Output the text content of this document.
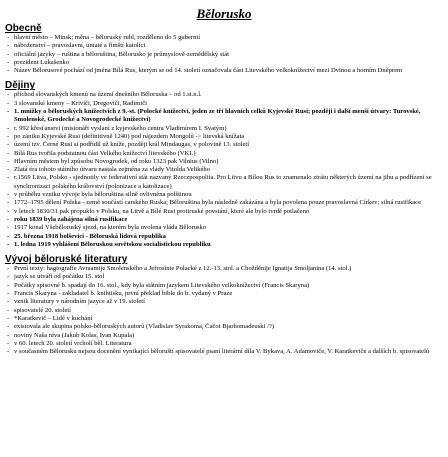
Bělorusko
Obecně
- hlavní město – Minsk; měna – běloruský rubl, rozděleno do 5 gubernií
- náboženství – pravoslavní, uniaté a římští katolíci
- oficiální jazyky – ruština a běloruština, Bělorusko je průmyslově-zemědělský stát
- prezident Lukašenko
- Název Bělorusové pochází od jména Bílá Rus, kterým se od 14. století označovala část Litevského velkoknížectví mezi Dvinou a horním Dněprem
Dějiny
- příchod slovanských kmenů na území dnešního Běloruska – od 1.st.n.l.
- 3 slovanské kmeny – Kriviči, Dregoviči, Radimiči
- 1. mnížky o běloruských knížectvích z 9.-st. (Polocké knížectví, jeden ze tří hlavních celků Kyjevské Rusi; později i další menší útvary: Turovské, Smolenské, Grodecké a Novogrodecké knížectví)
- r. 992 křesťanství (misionáři vyslaní z kyjevského centra Vladimírem I. Svatým)
- po zániku Kyjevské Rusi (definitivně 1240) pod nájezdem Mongolů -> litevská knížata
- území tzv. Černé Rusi si podřídil už kníže, později král Mindaugas, v polovině 13. století
- Bílá Rus tvořila podstatnou část Velkého knížectví litevského (VKL)
- Hlavním městem byl způsobu Novogrodek, od roku 1323 pak Vilnius (Vilno)
- Zlatá éra tohoto státního útvaru nastala zejména za vlády Vitolda Velikého
- r.1569 Litva, Polsko - sjednotily ve federativní stát nazvaný Rzeczpospolita. Pro Litvu a Bílou Rus to znamenalo ztrátu některých území na jihu a podřízení se synchronizaci polského království (polonizace a katolizace)
- v průběhu vzniku vývoje byla běloruština silně ovlivněna polštinou
- 1772–1795 dělení Polska - země součástí carského Ruska; Běloruština byla následně zakázána a byla povolena pouze pravoslavná Církev; silná rusifikace
- v letech 1830/31 pak propuklo v Polsku, na Litvě a Bílé Rusi protiruské povstání, které ale bylo tvrdě potlačeno
- roku 1839 byla zahájena silná rusifikace
- 1917 konal Všeběloruský sjezd, na kterém byla uvolena vláda Bělorusko
- 25. března 1918 bolševici - Běloruská lidová republika
- 1. ledna 1919 vyhlášení Běloruskou sovětskou socialistickou republiku
Vývoj běloruské literatury
- První texty: hagiografie Avraamije Smolenského a Jefrosinie Polacké z 12.-13. stol. a Chožděnije Ignatija Smoljanina (14. stol.)
- jazyk se utváří od počátku 15. stol
- Počátky spisovné b. spadají do 16. stol., kdy byla státním jazykem Litevského velkoknížectví (Francis Skaryna)
- Francis Skaryna - zakladatel b. knihtisku, první překlad bible do b. vydaný v Praze
- vznik literatury v národním jazyce až v 19. století
- spisovatelé 20. století
- *Karatkevič – Lidé v kuchání
- existovala ale skupina polsko-běloruských autorů (Vladislav Syrakoma, Čačot Bjarhomadeuski /?)
- noviny Naša niva (Jakub Kolas, Ivan Kupala)
- v 60. letech 20. století vrcholí běl. Literatura
- v současném Bělorusku nejsou docenění vynikající běloruští spisovatelé psaní literární díla V. Bykava, A. Adamoviče, V. Karatkeviče a dalších b. spisovatelů
